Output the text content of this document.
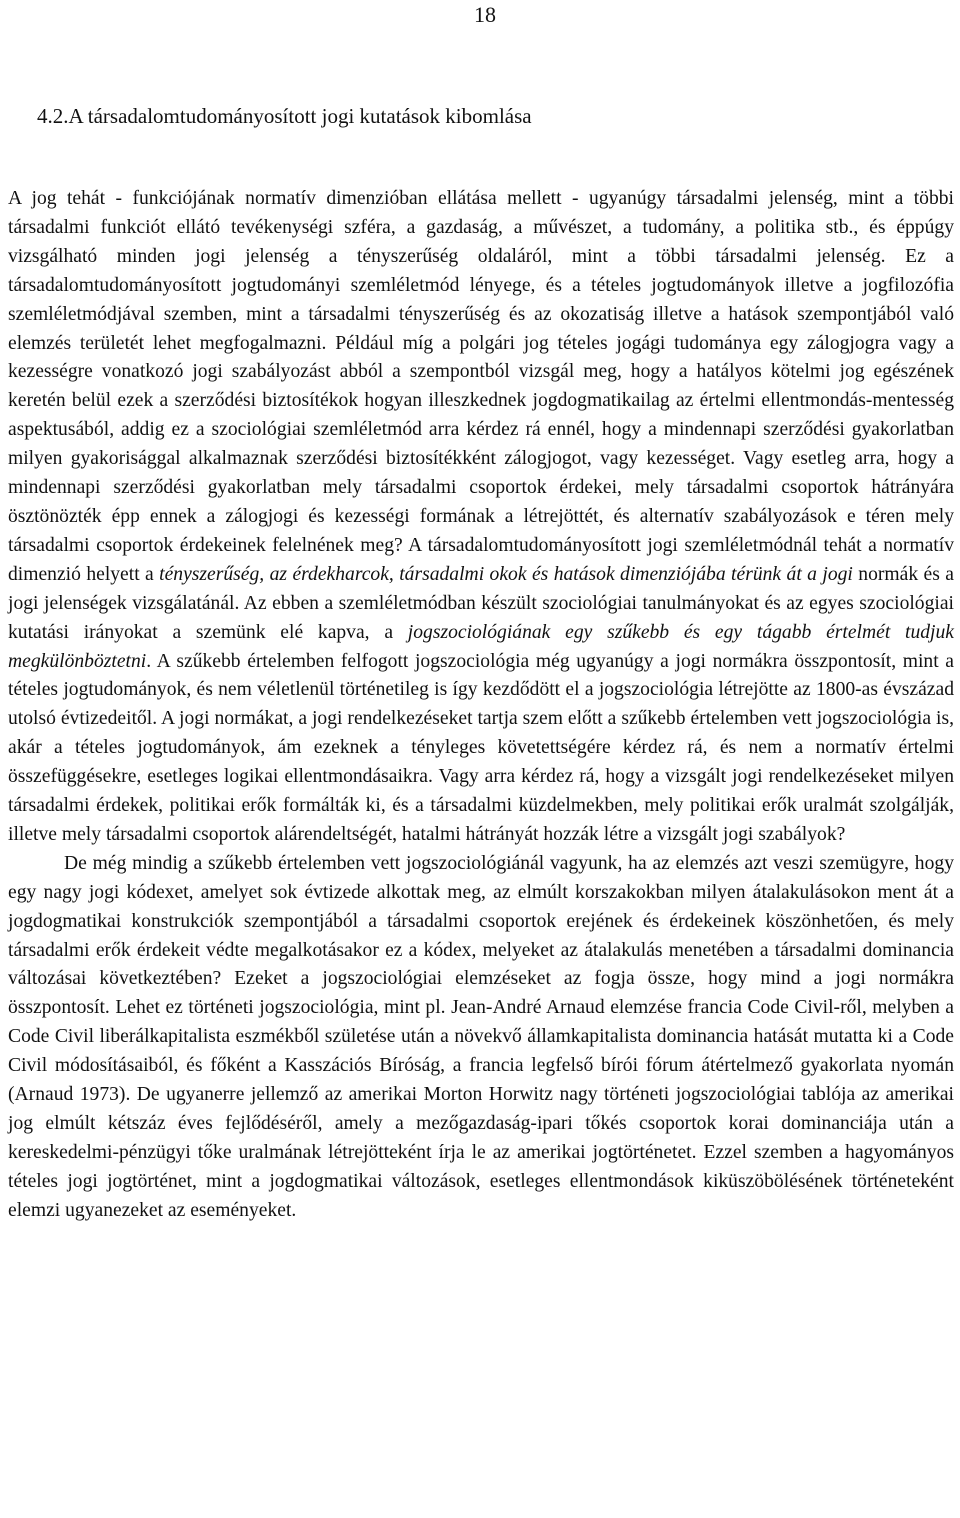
18
4.2.A társadalomtudományosított jogi kutatások kibomlása

A jog tehát - funkciójának normatív dimenzióban ellátása mellett - ugyanúgy társadalmi jelenség, mint a többi társadalmi funkciót ellátó tevékenységi szféra, a gazdaság, a művészet, a tudomány, a politika stb., és éppúgy vizsgálható minden jogi jelenség a tényszerűség oldaláról, mint a többi társadalmi jelenség. Ez a társadalomtudományosított jogtudományi szemléletmód lényege, és a tételes jogtudományok illetve a jogfilozófia szemléletmódjával szemben, mint a társadalmi tényszerűség és az okozatiság illetve a hatások szempontjából való elemzés területét lehet megfogalmazni. Például míg a polgári jog tételes jogági tudománya egy zálogjogra vagy a kezességre vonatkozó jogi szabályozást abból a szempontból vizsgál meg, hogy a hatályos kötelmi jog egészének keretén belül ezek a szerződési biztosítékok hogyan illeszkednek jogdogmatikailag az értelmi ellentmondás-mentesség aspektusából, addig ez a szociológiai szemléletmód arra kérdez rá ennél, hogy a mindennapi szerződési gyakorlatban milyen gyakorisággal alkalmaznak szerződési biztosítékként zálogjogot, vagy kezességet. Vagy esetleg arra, hogy a mindennapi szerződési gyakorlatban mely társadalmi csoportok érdekei, mely társadalmi csoportok hátrányára ösztönözték épp ennek a zálogjogi és kezességi formának a létrejöttét, és alternatív szabályozások e téren mely társadalmi csoportok érdekeinek felelnének meg? A társadalomtudományosított jogi szemléletmódnál tehát a normatív dimenzió helyett a tényszerűség, az érdekharcok, társadalmi okok és hatások dimenziójába térünk át a jogi normák és a jogi jelenségek vizsgálatánál. Az ebben a szemléletmódban készült szociológiai tanulmányokat és az egyes szociológiai kutatási irányokat a szemünk elé kapva, a jogszociológiának egy szűkebb és egy tágabb értelmét tudjuk megkülönböztetni. A szűkebb értelemben felfogott jogszociológia még ugyanúgy a jogi normákra összpontosít, mint a tételes jogtudományok, és nem véletlenül történetileg is így kezdődött el a jogszociológia létrejötte az 1800-as évszázad utolsó évtizedeitől. A jogi normákat, a jogi rendelkezéseket tartja szem előtt a szűkebb értelemben vett jogszociológia is, akár a tételes jogtudományok, ám ezeknek a tényleges követettségére kérdez rá, és nem a normatív értelmi összefüggésekre, esetleges logikai ellentmondásaikra. Vagy arra kérdez rá, hogy a vizsgált jogi rendelkezéseket milyen társadalmi érdekek, politikai erők formálták ki, és a társadalmi küzdelmekben, mely politikai erők uralmát szolgálják, illetve mely társadalmi csoportok alárendeltségét, hatalmi hátrányát hozzák létre a vizsgált jogi szabályok?

De még mindig a szűkebb értelemben vett jogszociológiánál vagyunk, ha az elemzés azt veszi szemügyre, hogy egy nagy jogi kódexet, amelyet sok évtizede alkottak meg, az elmúlt korszakokban milyen átalakulásokon ment át a jogdogmatikai konstrukciók szempontjából a társadalmi csoportok erejének és érdekeinek köszönhetően, és mely társadalmi erők érdekeit védte megalkotásakor ez a kódex, melyeket az átalakulás menetében a társadalmi dominancia változásai következtében? Ezeket a jogszociológiai elemzéseket az fogja össze, hogy mind a jogi normákra összpontosít. Lehet ez történeti jogszociológia, mint pl. Jean-André Arnaud elemzése francia Code Civil-ről, melyben a Code Civil liberálkapitalista eszmékből születése után a növekvő államkapitalista dominancia hatását mutatta ki a Code Civil módosításaiból, és főként a Kasszációs Bíróság, a francia legfelső bírói fórum átértelmező gyakorlata nyomán (Arnaud 1973). De ugyanerre jellemző az amerikai Morton Horwitz nagy történeti jogszociológiai tablója az amerikai jog elmúlt kétszáz éves fejlődéséről, amely a mezőgazdaság-ipari tőkés csoportok korai dominanciája után a kereskedelmi-pénzügyi tőke uralmának létrejötteként írja le az amerikai jogtörténetet. Ezzel szemben a hagyományos tételes jogi jogtörténet, mint a jogdogmatikai változások, esetleges ellentmondások kiküszöbölésének történeteként elemzi ugyanezeket az eseményeket.
